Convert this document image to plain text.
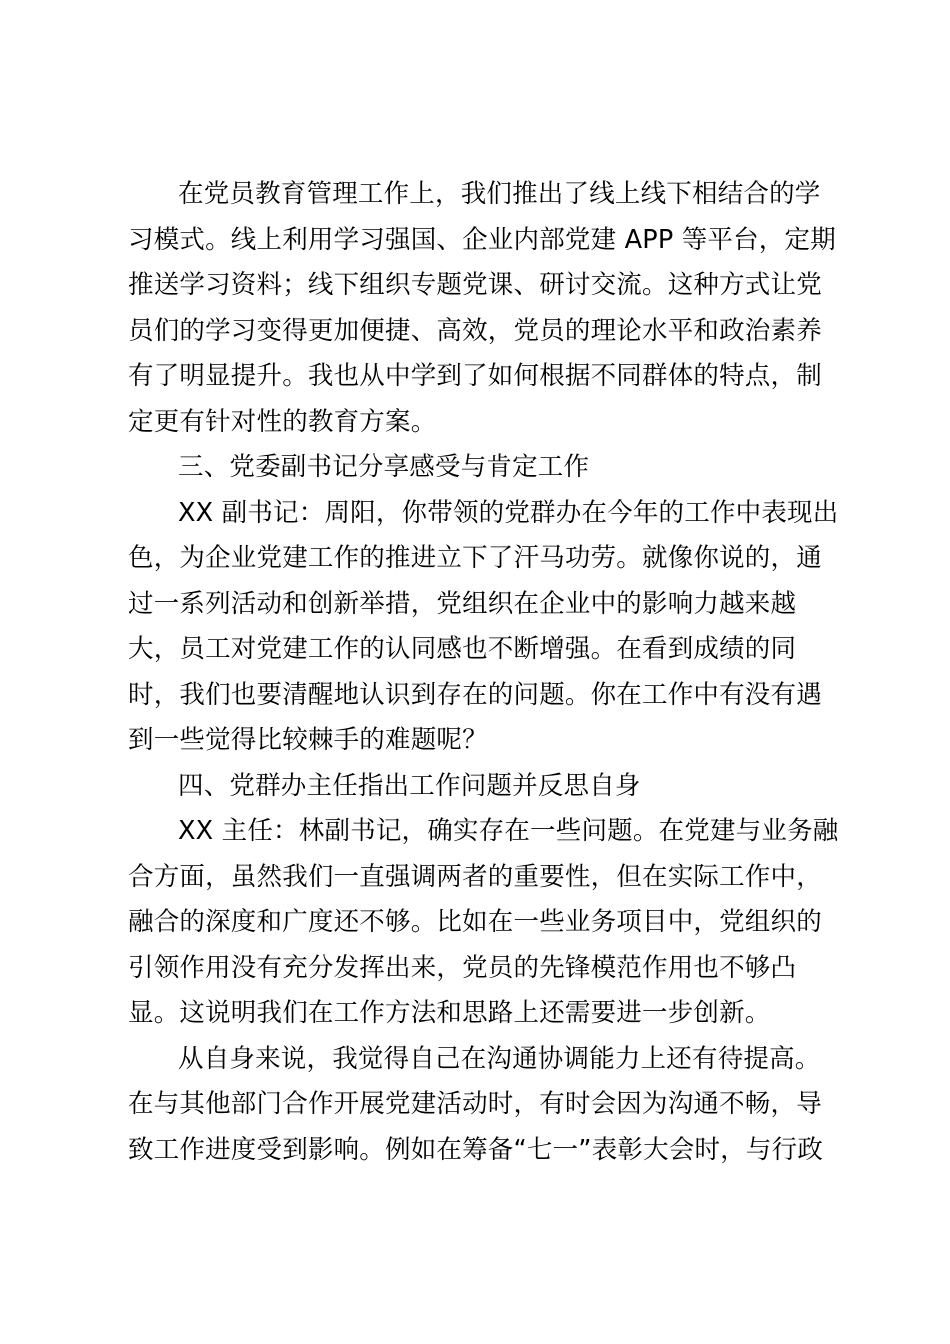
在党员教育管理工作上，我们推出了线上线下相结合的学
习模式。线上利用学习强国、企业内部党建 APP 等平台，定期
推送学习资料；线下组织专题党课、研讨交流。这种方式让党
员们的学习变得更加便捷、高效，党员的理论水平和政治素养
有了明显提升。我也从中学到了如何根据不同群体的特点，制
定更有针对性的教育方案。
三、党委副书记分享感受与肯定工作
XX 副书记：周阳，你带领的党群办在今年的工作中表现出
色，为企业党建工作的推进立下了汗马功劳。就像你说的，通
过一系列活动和创新举措，党组织在企业中的影响力越来越
大，员工对党建工作的认同感也不断增强。在看到成绩的同
时，我们也要清醒地认识到存在的问题。你在工作中有没有遇
到一些觉得比较棘手的难题呢？
四、党群办主任指出工作问题并反思自身
XX 主任：林副书记，确实存在一些问题。在党建与业务融
合方面，虽然我们一直强调两者的重要性，但在实际工作中，
融合的深度和广度还不够。比如在一些业务项目中，党组织的
引领作用没有充分发挥出来，党员的先锋模范作用也不够凸
显。这说明我们在工作方法和思路上还需要进一步创新。
从自身来说，我觉得自己在沟通协调能力上还有待提高。
在与其他部门合作开展党建活动时，有时会因为沟通不畅，导
致工作进度受到影响。例如在筹备“七一”表彰大会时，与行政
